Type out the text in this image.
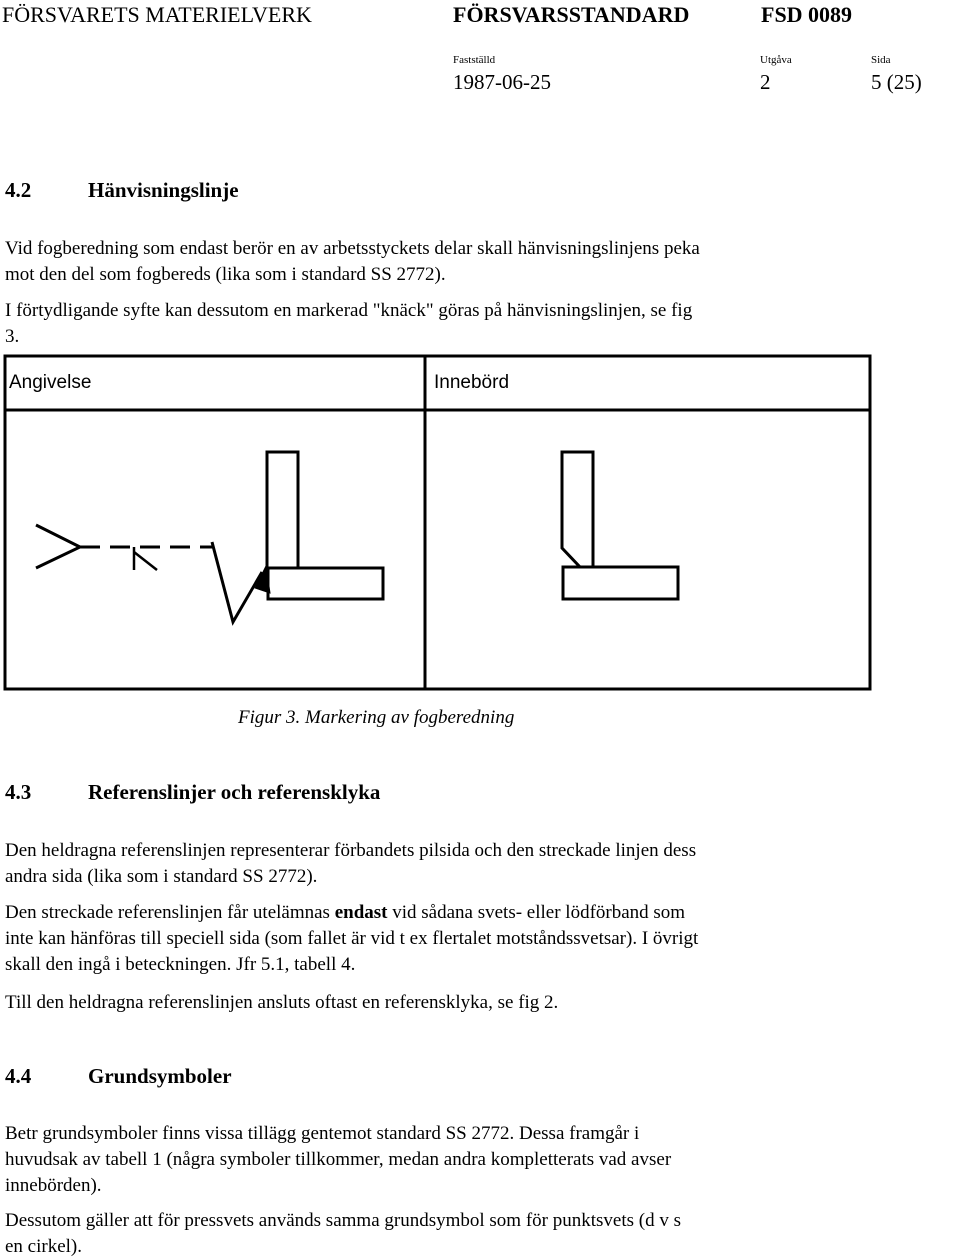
FÖRSVARETS MATERIELVERK	FÖRSVARSSTANDARD	FSD 0089
Fastställd	Utgåva	Sida
1987-06-25	2	5 (25)
4.2	Hänvisningslinje

Vid fogberedning som endast berör en av arbetsstyckets delar skall hänvisningslinjens peka

mot den del som fogbereds (lika som i standard SS 2772).

I förtydligande syfte kan dessutom en markerad "knäck" göras på hänvisningslinjen, se fig

3.

Angivelse	Innebörd
Figur 3. Markering av fogberedning
4.3	Referenslinjer och referensklyka

Den heldragna referenslinjen representerar förbandets pilsida och den streckade linjen dess

andra sida (lika som i standard SS 2772).

Den streckade referenslinjen får utelämnas endast vid sådana svets- eller lödförband som

inte kan hänföras till speciell sida (som fallet är vid t ex flertalet motståndssvetsar). I övrigt

skall den ingå i beteckningen. Jfr 5.1, tabell 4.

Till den heldragna referenslinjen ansluts oftast en referensklyka, se fig 2.

4.4	Grundsymboler

Betr grundsymboler finns vissa tillägg gentemot standard SS 2772. Dessa framgår i

huvudsak av tabell 1 (några symboler tillkommer, medan andra kompletterats vad avser

innebörden).

Dessutom gäller att för pressvets används samma grundsymbol som för punktsvets (d v s

en cirkel).
